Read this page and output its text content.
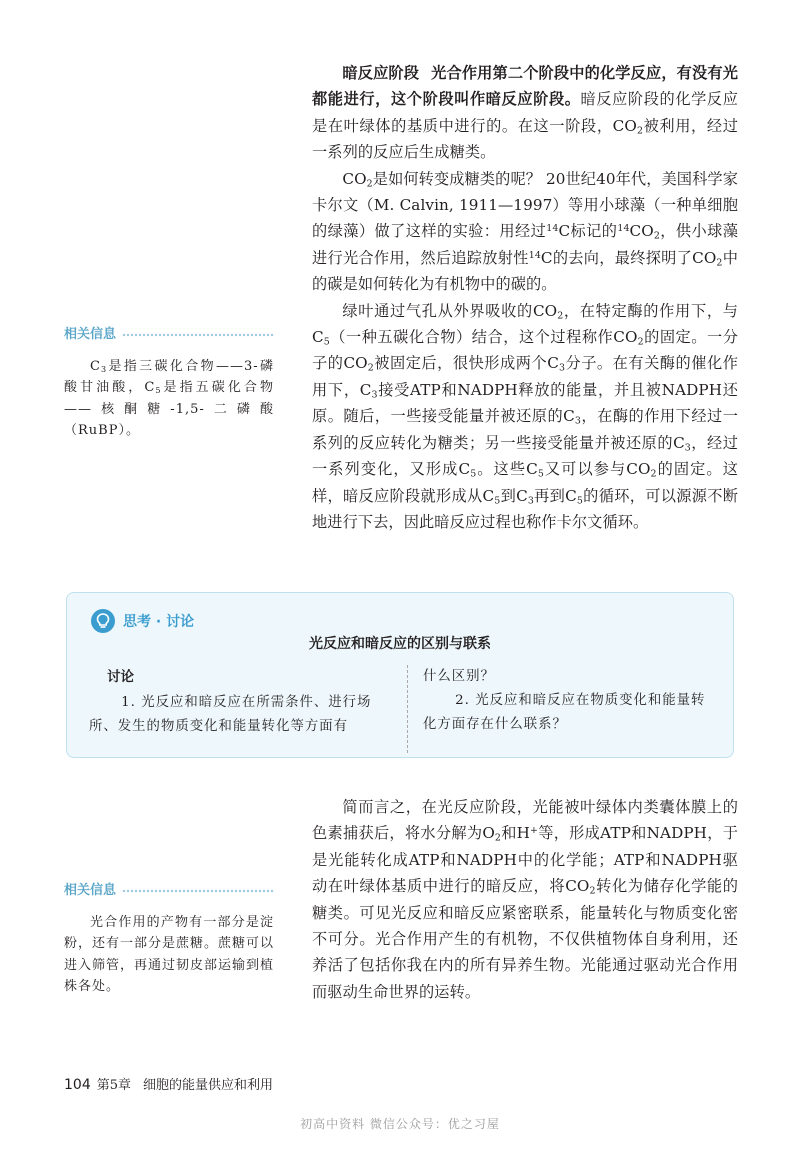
暗反应阶段 光合作用第二个阶段中的化学反应，有没有光都能进行，这个阶段叫作暗反应阶段。暗反应阶段的化学反应是在叶绿体的基质中进行的。在这一阶段，$CO_2$被利用，经过一系列的反应后生成糖类。

$CO_2$是如何转变成糖类的呢？ 20世纪40年代，美国科学家卡尔文（M. Calvin, 1911—1997）等用小球藻（一种单细胞的绿藻）做了这样的实验：用经过$^{14}$C标记的$^{14}CO_2$，供小球藻进行光合作用，然后追踪放射性$^{14}$C的去向，最终探明了$CO_2$中的碳是如何转化为有机物中的碳的。

绿叶通过气孔从外界吸收的$CO_2$，在特定酶的作用下，与$C_5$（一种五碳化合物）结合，这个过程称作$CO_2$的固定。一分子的$CO_2$被固定后，很快形成两个$C_3$分子。在有关酶的催化作用下，$C_3$接受ATP和NADPH释放的能量，并且被NADPH还原。随后，一些接受能量并被还原的$C_3$，在酶的作用下经过一系列的反应转化为糖类；另一些接受能量并被还原的$C_3$，经过一系列变化，又形成$C_5$。这些$C_5$又可以参与$CO_2$的固定。这样，暗反应阶段就形成从$C_5$到$C_3$再到$C_5$的循环，可以源源不断地进行下去，因此暗反应过程也称作卡尔文循环。

相关信息

$C_3$是指三碳化合物——3-磷酸甘油酸，$C_5$是指五碳化合物——核酮糖-1,5-二磷酸（RuBP）。

思考 · 讨论
光反应和暗反应的区别与联系
讨论

1. 光反应和暗反应在所需条件、进行场所、发生的物质变化和能量转化等方面有

什么区别？

2. 光反应和暗反应在物质变化和能量转化方面存在什么联系？

简而言之，在光反应阶段，光能被叶绿体内类囊体膜上的色素捕获后，将水分解为$O_2$和H+等，形成ATP和NADPH，于是光能转化成ATP和NADPH中的化学能；ATP和NADPH驱动在叶绿体基质中进行的暗反应，将$CO_2$转化为储存化学能的糖类。可见光反应和暗反应紧密联系，能量转化与物质变化密不可分。光合作用产生的有机物，不仅供植物体自身利用，还养活了包括你我在内的所有异养生物。光能通过驱动光合作用而驱动生命世界的运转。

相关信息

光合作用的产物有一部分是淀粉，还有一部分是蔗糖。蔗糖可以进入筛管，再通过韧皮部运输到植株各处。

104 第5章 细胞的能量供应和利用
初高中资料 微信公众号：优之习屋
